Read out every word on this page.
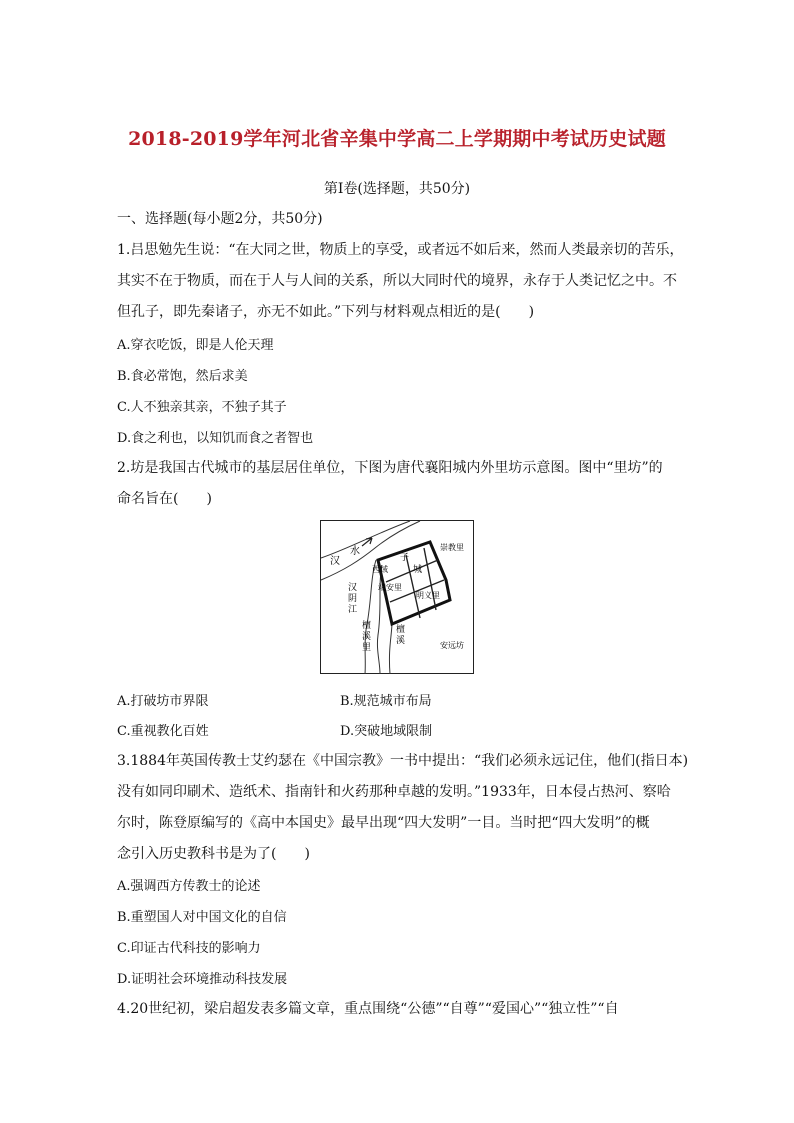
2018-2019学年河北省辛集中学高二上学期期中考试历史试题
第Ⅰ卷(选择题，共50分)
一、选择题(每小题2分，共50分)
1.吕思勉先生说：“在大同之世，物质上的享受，或者远不如后来，然而人类最亲切的苦乐，
其实不在于物质，而在于人与人间的关系，所以大同时代的境界，永存于人类记忆之中。不
但孔子，即先秦诸子，亦无不如此。”下列与材料观点相近的是(　　)
A.穿衣吃饭，即是人伦天理
B.食必常饱，然后求美
C.人不独亲其亲，不独子其子
D.食之利也，以知饥而食之者智也
2.坊是我国古代城市的基层居住单位，下图为唐代襄阳城内外里坊示意图。图中“里坊”的
命名旨在(　　)
汉
水
子
城
崇教里
西域
靖安里
明义里
汉
阴
江
檀
溪
里
檀
溪	安远坊
A.打破坊市界限	B.规范城市布局
C.重视教化百姓	D.突破地域限制
3.1884年英国传教士艾约瑟在《中国宗教》一书中提出：“我们必须永远记住，他们(指日本)
没有如同印刷术、造纸术、指南针和火药那种卓越的发明。”1933年，日本侵占热河、察哈
尔时，陈登原编写的《高中本国史》最早出现“四大发明”一目。当时把“四大发明”的概
念引入历史教科书是为了(　　)
A.强调西方传教士的论述
B.重塑国人对中国文化的自信
C.印证古代科技的影响力
D.证明社会环境推动科技发展
4.20世纪初，梁启超发表多篇文章，重点围绕“公德”“自尊”“爱国心”“独立性”“自
